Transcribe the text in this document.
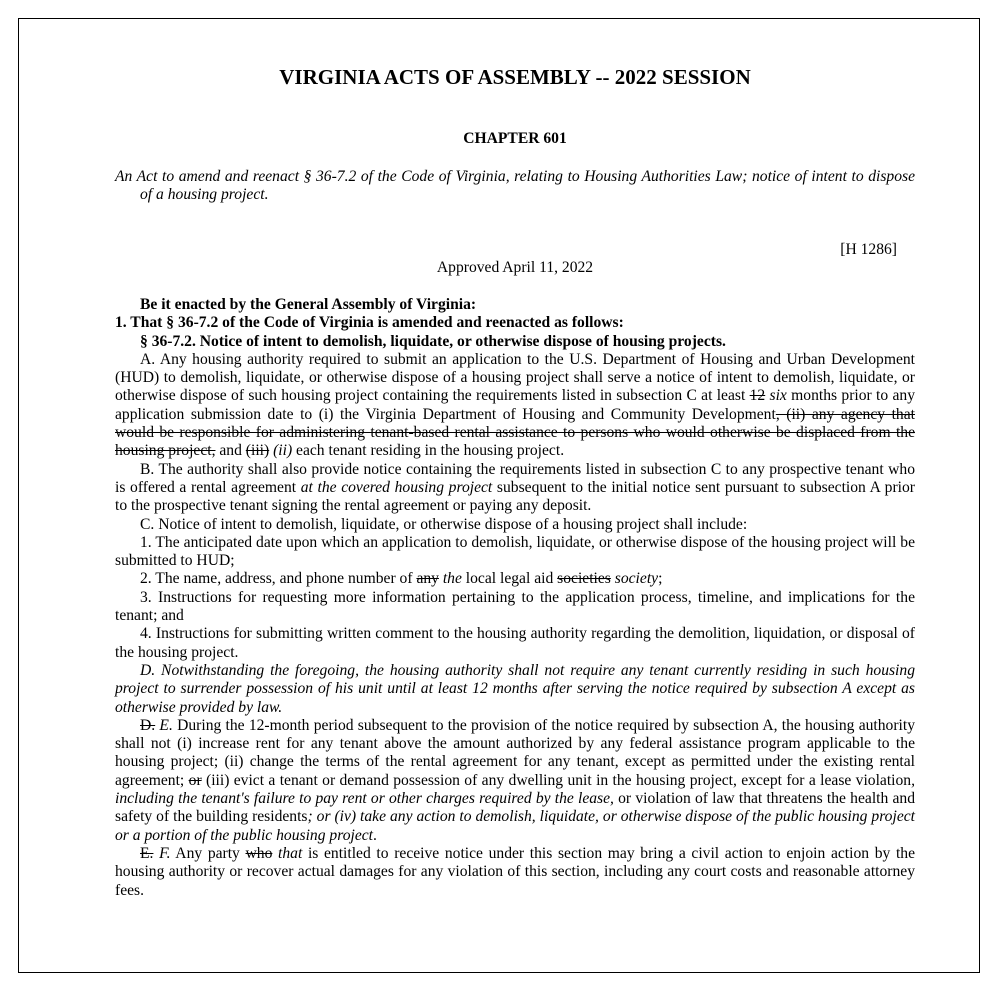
VIRGINIA ACTS OF ASSEMBLY -- 2022 SESSION
CHAPTER 601
An Act to amend and reenact § 36-7.2 of the Code of Virginia, relating to Housing Authorities Law; notice of intent to dispose of a housing project.
[H 1286]
Approved April 11, 2022

Be it enacted by the General Assembly of Virginia:

1. That § 36-7.2 of the Code of Virginia is amended and reenacted as follows:

§ 36-7.2. Notice of intent to demolish, liquidate, or otherwise dispose of housing projects.

A. Any housing authority required to submit an application to the U.S. Department of Housing and Urban Development (HUD) to demolish, liquidate, or otherwise dispose of a housing project shall serve a notice of intent to demolish, liquidate, or otherwise dispose of such housing project containing the requirements listed in subsection C at least 12 six months prior to any application submission date to (i) the Virginia Department of Housing and Community Development, (ii) any agency that would be responsible for administering tenant-based rental assistance to persons who would otherwise be displaced from the housing project, and (iii) (ii) each tenant residing in the housing project.

B. The authority shall also provide notice containing the requirements listed in subsection C to any prospective tenant who is offered a rental agreement at the covered housing project subsequent to the initial notice sent pursuant to subsection A prior to the prospective tenant signing the rental agreement or paying any deposit.

C. Notice of intent to demolish, liquidate, or otherwise dispose of a housing project shall include:

1. The anticipated date upon which an application to demolish, liquidate, or otherwise dispose of the housing project will be submitted to HUD;

2. The name, address, and phone number of any the local legal aid societies society;

3. Instructions for requesting more information pertaining to the application process, timeline, and implications for the tenant; and

4. Instructions for submitting written comment to the housing authority regarding the demolition, liquidation, or disposal of the housing project.

D. Notwithstanding the foregoing, the housing authority shall not require any tenant currently residing in such housing project to surrender possession of his unit until at least 12 months after serving the notice required by subsection A except as otherwise provided by law.

D. E. During the 12-month period subsequent to the provision of the notice required by subsection A, the housing authority shall not (i) increase rent for any tenant above the amount authorized by any federal assistance program applicable to the housing project; (ii) change the terms of the rental agreement for any tenant, except as permitted under the existing rental agreement; or (iii) evict a tenant or demand possession of any dwelling unit in the housing project, except for a lease violation, including the tenant's failure to pay rent or other charges required by the lease, or violation of law that threatens the health and safety of the building residents; or (iv) take any action to demolish, liquidate, or otherwise dispose of the public housing project or a portion of the public housing project.

E. F. Any party who that is entitled to receive notice under this section may bring a civil action to enjoin action by the housing authority or recover actual damages for any violation of this section, including any court costs and reasonable attorney fees.
